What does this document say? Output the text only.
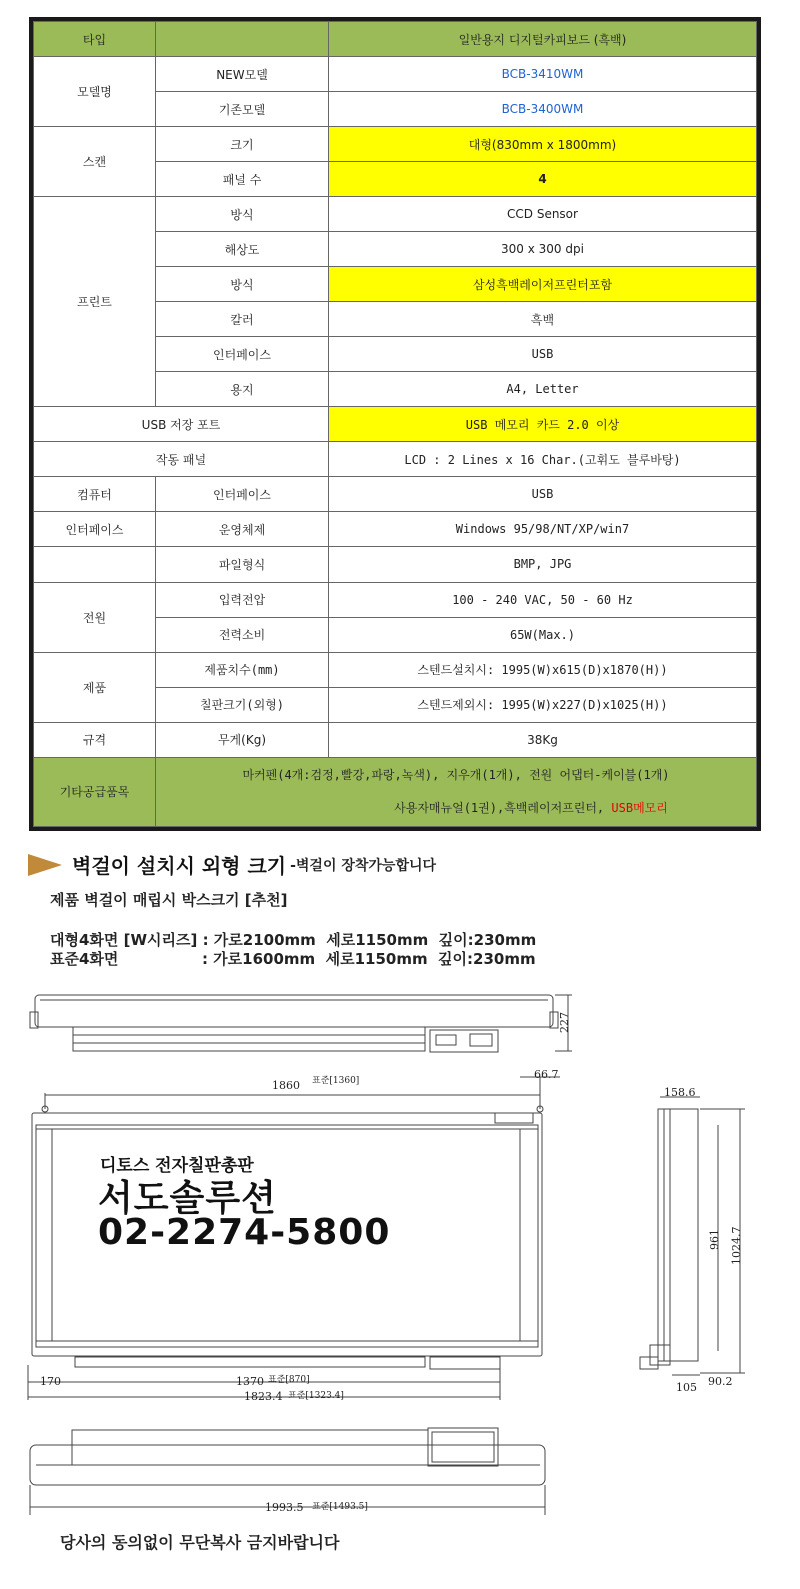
타입		일반용지 디지털카피보드 (흑백)
모델명	NEW모델	BCB-3410WM
	기존모델	BCB-3400WM
스캔	크기	대형(830mm x 1800mm)
	패널 수	4
프린트	방식	CCD Sensor
	해상도	300 x 300 dpi
	방식	삼성흑백레이저프린터포함
	칼러	흑백
	인터페이스	USB
	용지	A4, Letter
USB 저장 포트		USB 메모리 카드 2.0 이상
작동 패널		LCD : 2 Lines x 16 Char.(고휘도 블루바탕)
컴퓨터	인터페이스	USB
인터페이스	운영체제	Windows 95/98/NT/XP/win7
	파일형식	BMP, JPG
전원	입력전압	100 - 240 VAC, 50 - 60 Hz
	전력소비	65W(Max.)
제품	제품치수(mm)	스텐드설치시: 1995(W)x615(D)x1870(H))
	칠판크기(외형)	스텐드제외시: 1995(W)x227(D)x1025(H))
규격	무게(Kg)	38Kg
기타공급품목	마커펜(4개:검정,빨강,파랑,녹색), 지우개(1개), 전원 어댑터-케이블(1개)
사용자매뉴얼(1권),흑백레이저프린터, USB메모리	
벽걸이 설치시 외형 크기 -벽걸이 장착가능합니다
제품 벽걸이 매립시 박스크기 [추천]
대형4화면 [W시리즈] : 가로2100mm  세로1150mm  깊이:230mm
표준4화면                : 가로1600mm  세로1150mm  깊이:230mm
227
1860 표준[1360]	66.7
170	1370 표준[870]
1823.4 표준[1323.4]
158.6
961 1024.7
105 90.2
1993.5 표준[1493.5]
디토스 전자칠판총판
서도솔루션
02-2274-5800
당사의 동의없이 무단복사 금지바랍니다
